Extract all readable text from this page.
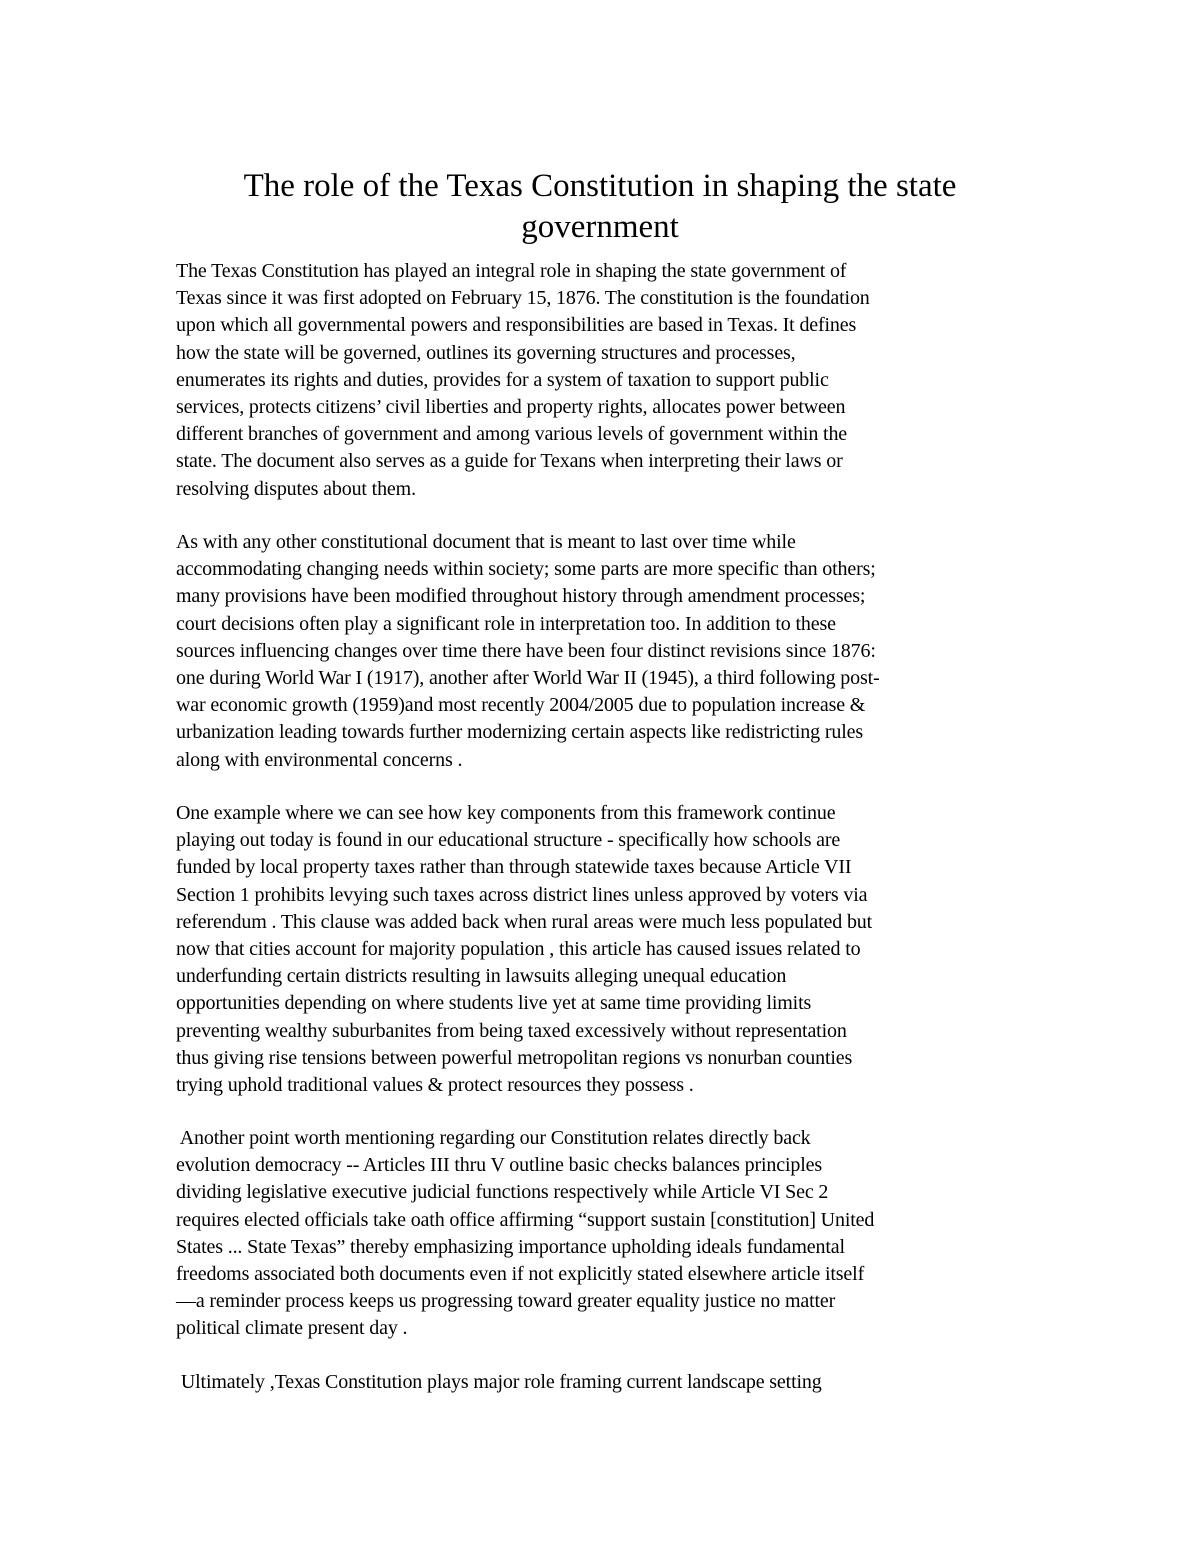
The role of the Texas Constitution in shaping the state
government

The Texas Constitution has played an integral role in shaping the state government of
Texas since it was first adopted on February 15, 1876. The constitution is the foundation
upon which all governmental powers and responsibilities are based in Texas. It defines
how the state will be governed, outlines its governing structures and processes,
enumerates its rights and duties, provides for a system of taxation to support public
services, protects citizens’ civil liberties and property rights, allocates power between
different branches of government and among various levels of government within the
state. The document also serves as a guide for Texans when interpreting their laws or
resolving disputes about them.

As with any other constitutional document that is meant to last over time while
accommodating changing needs within society; some parts are more specific than others;
many provisions have been modified throughout history through amendment processes;
court decisions often play a significant role in interpretation too. In addition to these
sources influencing changes over time there have been four distinct revisions since 1876:
one during World War I (1917), another after World War II (1945), a third following post-
war economic growth (1959)and most recently 2004/2005 due to population increase &
urbanization leading towards further modernizing certain aspects like redistricting rules
along with environmental concerns .

One example where we can see how key components from this framework continue
playing out today is found in our educational structure - specifically how schools are
funded by local property taxes rather than through statewide taxes because Article VII
Section 1 prohibits levying such taxes across district lines unless approved by voters via
referendum . This clause was added back when rural areas were much less populated but
now that cities account for majority population , this article has caused issues related to
underfunding certain districts resulting in lawsuits alleging unequal education
opportunities depending on where students live yet at same time providing limits
preventing wealthy suburbanites from being taxed excessively without representation
thus giving rise tensions between powerful metropolitan regions vs nonurban counties
trying uphold traditional values & protect resources they possess .

Another point worth mentioning regarding our Constitution relates directly back
evolution democracy -- Articles III thru V outline basic checks balances principles
dividing legislative executive judicial functions respectively while Article VI Sec 2
requires elected officials take oath office affirming “support sustain [constitution] United
States ... State Texas” thereby emphasizing importance upholding ideals fundamental
freedoms associated both documents even if not explicitly stated elsewhere article itself
—a reminder process keeps us progressing toward greater equality justice no matter
political climate present day .

Ultimately ,Texas Constitution plays major role framing current landscape setting
